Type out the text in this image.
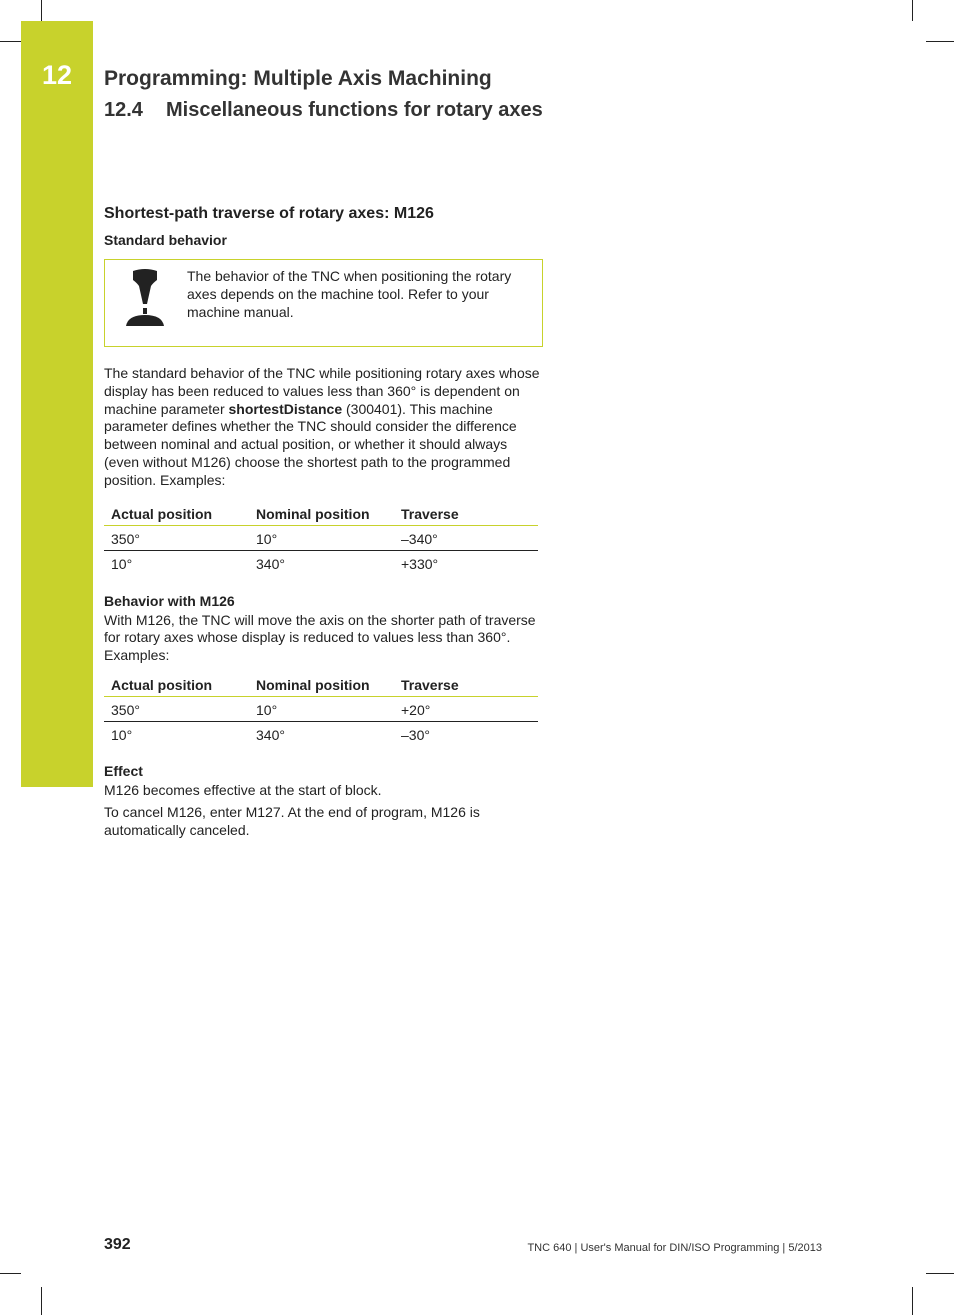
12	Programming: Multiple Axis Machining
12.4 Miscellaneous functions for rotary axes
Shortest-path traverse of rotary axes: M126
Standard behavior
The behavior of the TNC when positioning the rotary axes depends on the machine tool. Refer to your machine manual.

The standard behavior of the TNC while positioning rotary axes whose display has been reduced to values less than 360° is dependent on machine parameter shortestDistance (300401). This machine parameter defines whether the TNC should consider the difference between nominal and actual position, or whether it should always (even without M126) choose the shortest path to the programmed position. Examples:

Actual position	Nominal position	Traverse
350°	10°	–340°
10°	340°	+330°
Behavior with M126

With M126, the TNC will move the axis on the shorter path of traverse for rotary axes whose display is reduced to values less than 360°. Examples:

Actual position	Nominal position	Traverse
350°	10°	+20°
10°	340°	–30°
Effect

M126 becomes effective at the start of block.

To cancel M126, enter M127. At the end of program, M126 is automatically canceled.

392	TNC 640 | User's Manual for DIN/ISO Programming | 5/2013
